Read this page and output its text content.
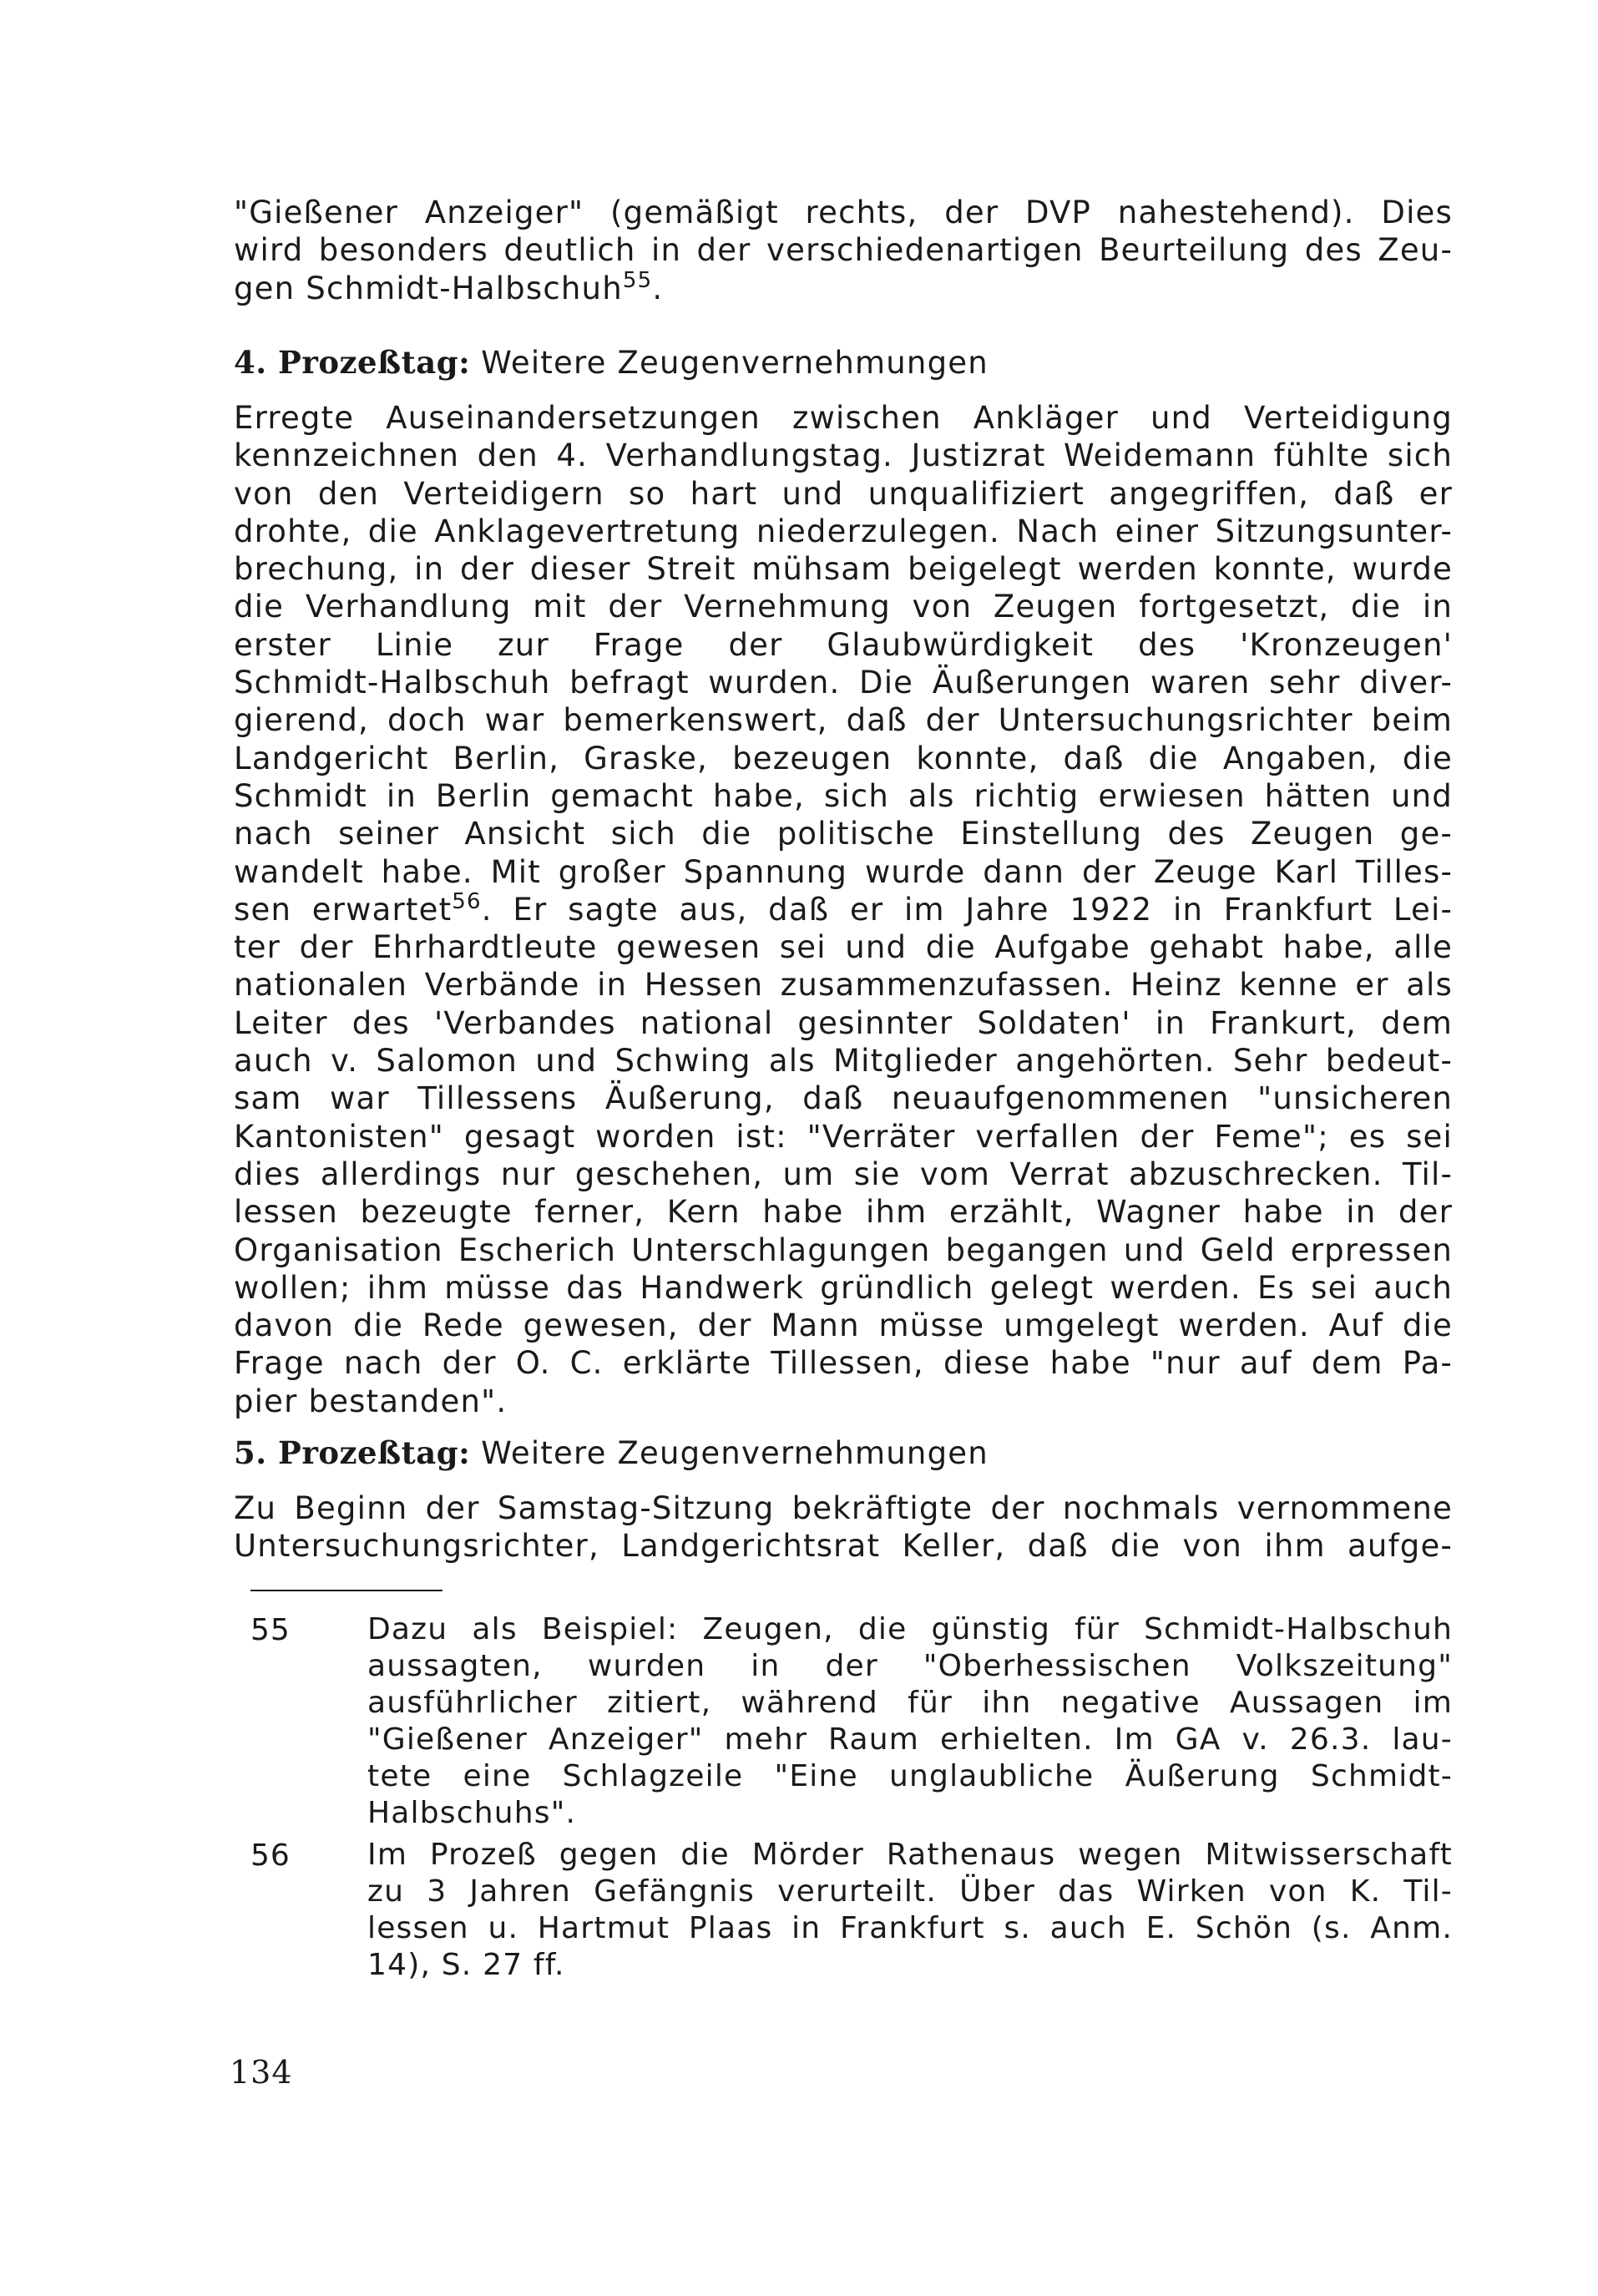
"Gießener Anzeiger" (gemäßigt rechts, der DVP nahestehend). Dies
wird besonders deutlich in der verschiedenartigen Beurteilung des Zeu-
gen Schmidt-Halbschuh$^{55}$.
4. Prozeßtag: Weitere Zeugenvernehmungen
Erregte Auseinandersetzungen zwischen Ankläger und Verteidigung
kennzeichnen den 4. Verhandlungstag. Justizrat Weidemann fühlte sich
von den Verteidigern so hart und unqualifiziert angegriffen, daß er
drohte, die Anklagevertretung niederzulegen. Nach einer Sitzungsunter-
brechung, in der dieser Streit mühsam beigelegt werden konnte, wurde
die Verhandlung mit der Vernehmung von Zeugen fortgesetzt, die in
erster Linie zur Frage der Glaubwürdigkeit des 'Kronzeugen'
Schmidt-Halbschuh befragt wurden. Die Äußerungen waren sehr diver-
gierend, doch war bemerkenswert, daß der Untersuchungsrichter beim
Landgericht Berlin, Graske, bezeugen konnte, daß die Angaben, die
Schmidt in Berlin gemacht habe, sich als richtig erwiesen hätten und
nach seiner Ansicht sich die politische Einstellung des Zeugen ge-
wandelt habe. Mit großer Spannung wurde dann der Zeuge Karl Tilles-
sen erwartet$^{56}$. Er sagte aus, daß er im Jahre 1922 in Frankfurt Lei-
ter der Ehrhardtleute gewesen sei und die Aufgabe gehabt habe, alle
nationalen Verbände in Hessen zusammenzufassen. Heinz kenne er als
Leiter des 'Verbandes national gesinnter Soldaten' in Frankurt, dem
auch v. Salomon und Schwing als Mitglieder angehörten. Sehr bedeut-
sam war Tillessens Äußerung, daß neuaufgenommenen "unsicheren
Kantonisten" gesagt worden ist: "Verräter verfallen der Feme"; es sei
dies allerdings nur geschehen, um sie vom Verrat abzuschrecken. Til-
lessen bezeugte ferner, Kern habe ihm erzählt, Wagner habe in der
Organisation Escherich Unterschlagungen begangen und Geld erpressen
wollen; ihm müsse das Handwerk gründlich gelegt werden. Es sei auch
davon die Rede gewesen, der Mann müsse umgelegt werden. Auf die
Frage nach der O. C. erklärte Tillessen, diese habe "nur auf dem Pa-
pier bestanden".
5. Prozeßtag: Weitere Zeugenvernehmungen
Zu Beginn der Samstag-Sitzung bekräftigte der nochmals vernommene
Untersuchungsrichter, Landgerichtsrat Keller, daß die von ihm aufge-
55	Dazu als Beispiel: Zeugen, die günstig für Schmidt-Halbschuh
aussagten, wurden in der "Oberhessischen Volkszeitung"
ausführlicher zitiert, während für ihn negative Aussagen im
"Gießener Anzeiger" mehr Raum erhielten. Im GA v. 26.3. lau-
tete eine Schlagzeile "Eine unglaubliche Äußerung Schmidt-
Halbschuhs".
56	Im Prozeß gegen die Mörder Rathenaus wegen Mitwisserschaft
zu 3 Jahren Gefängnis verurteilt. Über das Wirken von K. Til-
lessen u. Hartmut Plaas in Frankfurt s. auch E. Schön (s. Anm.
14), S. 27 ff.
134
